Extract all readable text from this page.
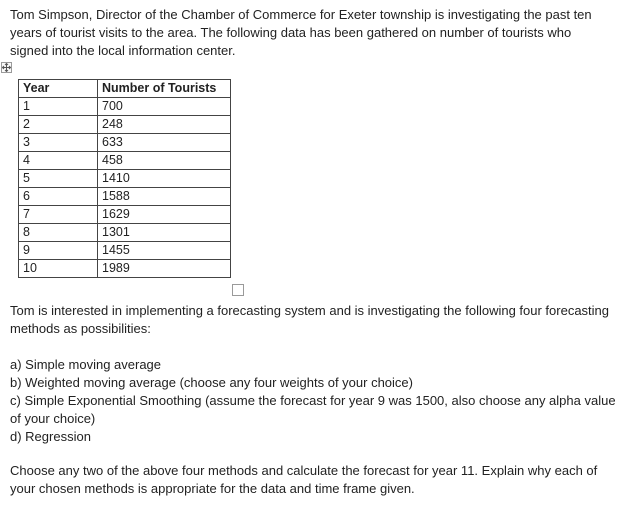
Tom Simpson, Director of the Chamber of Commerce for Exeter township is investigating the past ten years of tourist visits to the area. The following data has been gathered on number of tourists who signed into the local information center.

Year	Number of Tourists
1	700
2	248
3	633
4	458
5	1410
6	1588
7	1629
8	1301
9	1455
10	1989

Tom is interested in implementing a forecasting system and is investigating the following four forecasting methods as possibilities:

a) Simple moving average

b) Weighted moving average (choose any four weights of your choice)

c) Simple Exponential Smoothing (assume the forecast for year 9 was 1500, also choose any alpha value of your choice)

d) Regression

Choose any two of the above four methods and calculate the forecast for year 11. Explain why each of your chosen methods is appropriate for the data and time frame given.
